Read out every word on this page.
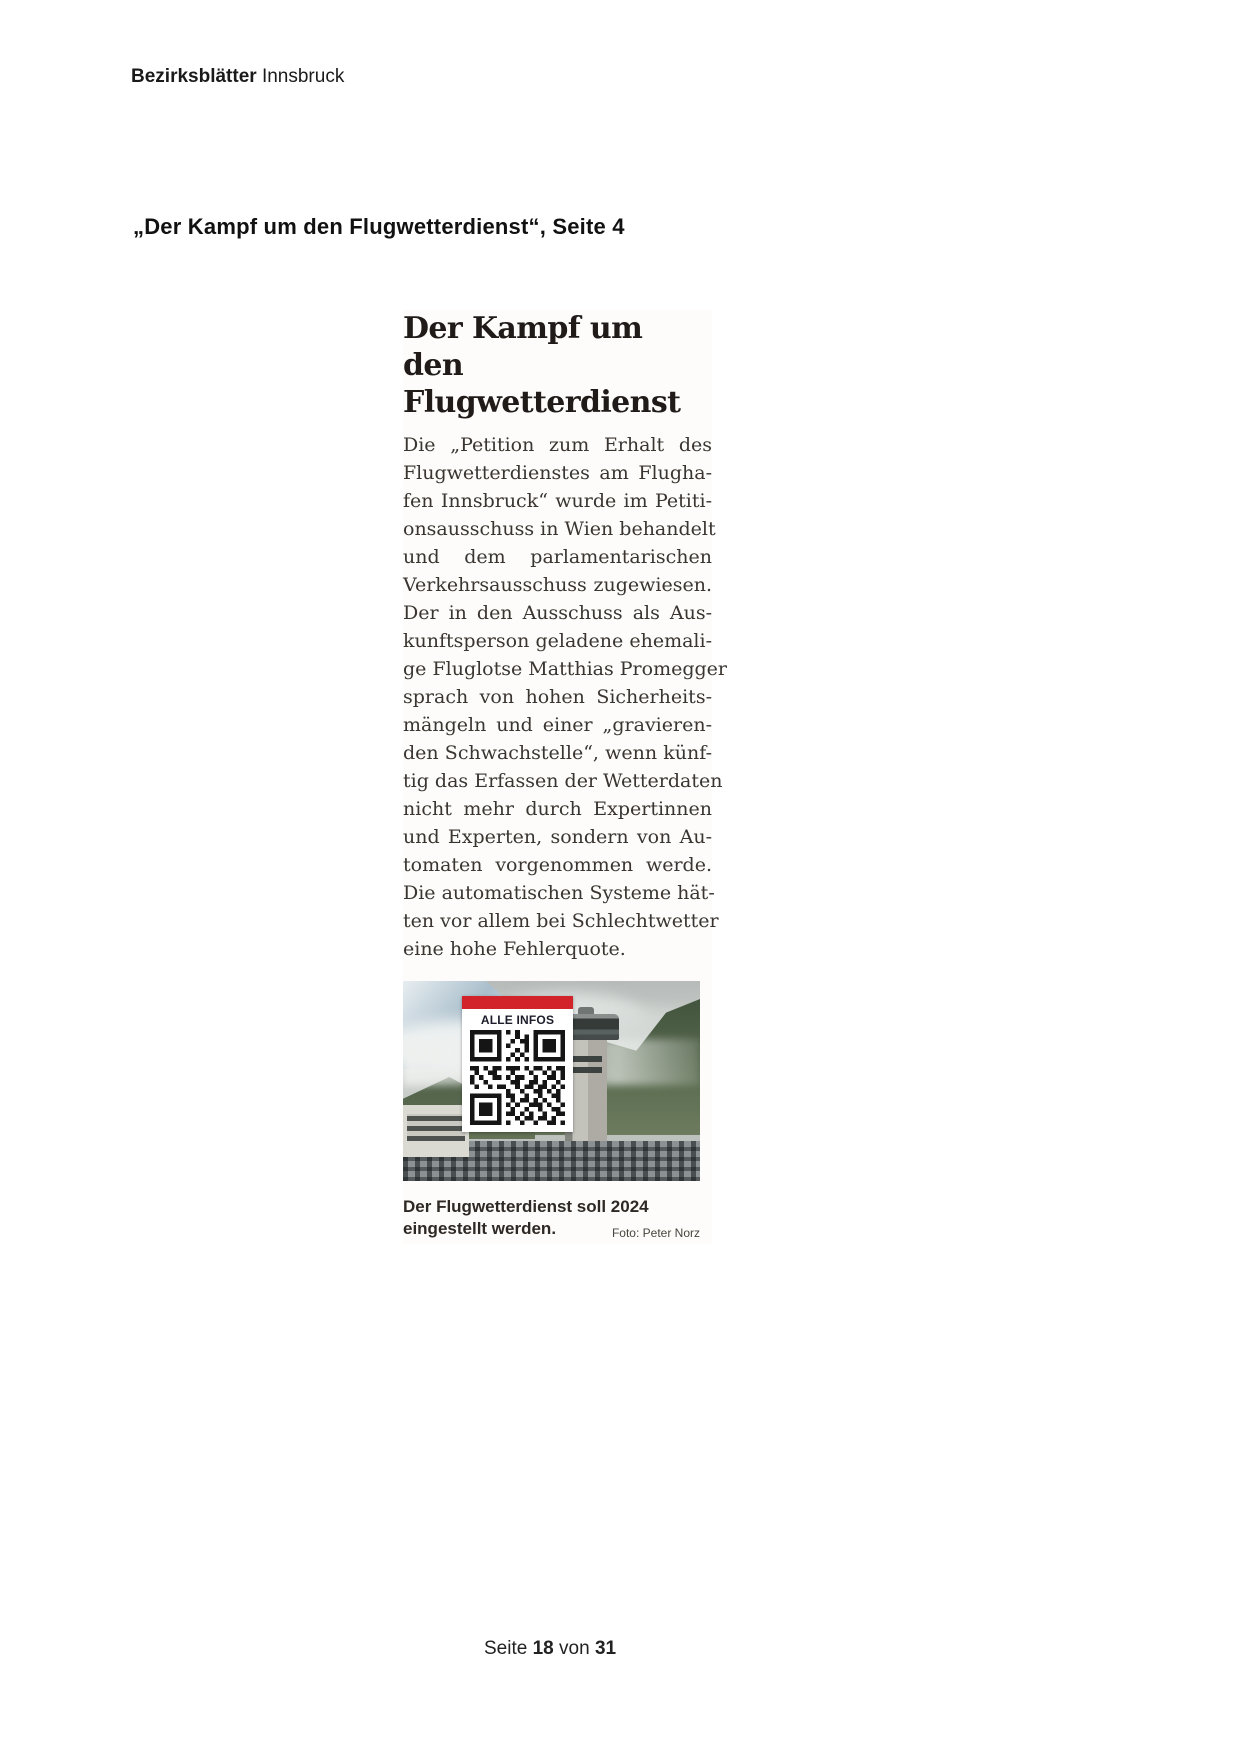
Bezirksblätter Innsbruck
„Der Kampf um den Flugwetterdienst“, Seite 4
Der Kampf um den
Flugwetterdienst
Die „Petition zum Erhalt des
Flugwetterdienstes am Flugha-
fen Innsbruck“ wurde im Petiti-
onsausschuss in Wien behandelt
und dem parlamentarischen
Verkehrsausschuss zugewiesen.
Der in den Ausschuss als Aus-
kunftsperson geladene ehemali-
ge Fluglotse Matthias Promegger
sprach von hohen Sicherheits-
mängeln und einer „gravieren-
den Schwachstelle“, wenn künf-
tig das Erfassen der Wetterdaten
nicht mehr durch Expertinnen
und Experten, sondern von Au-
tomaten vorgenommen werde.
Die automatischen Systeme hät-
ten vor allem bei Schlechtwetter
eine hohe Fehlerquote.
ALLE INFOS
Der Flugwetterdienst soll 2024 eingestellt werden.	Foto: Peter Norz
Seite 18 von 31
